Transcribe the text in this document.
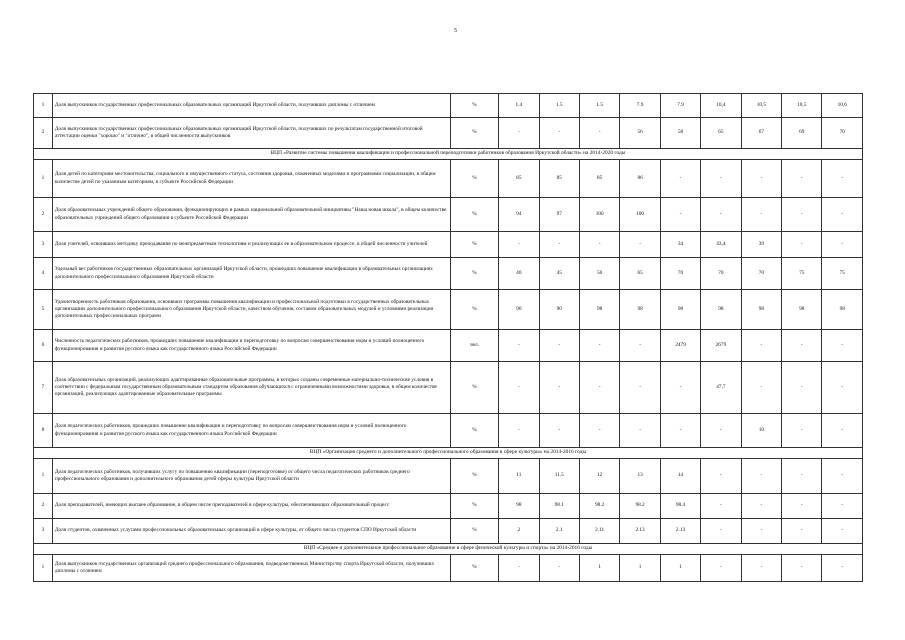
5
1	Доля выпускников государственных профессиональных образовательных организаций Иркутской области, получивших дипломы с отличием	%	1.4	1.5	1.5	7.9	7.9	10,4	10,5	10,5	10,6
2	Доля выпускников государственных профессиональных образовательных организаций Иркутской области, получивших по результатам государственной итоговой аттестации оценки "хорошо" и "отлично", в общей численности выпускников	%	-	-	-	56	58	65	67	69	70
ВЦП «Развитие системы повышения квалификации и профессиональной переподготовки работников образования Иркутской области» на 2014-2020 годы											
1	Доля детей по категориям местожительства, социального и имущественного статуса, состояния здоровья, охваченных моделями и программами социализации, в общем количестве детей по указанным категориям, в субъекте Российской Федерации	%	85	85	85	86	-	-	-	-	-
2	Доля образовательных учреждений общего образования, функционирующих в рамках национальной образовательной инициативы "Наша новая школа", в общем количестве образовательных учреждений общего образования в субъекте Российской Федерации	%	94	97	100	100	-	-	-	-	-
3	Доля учителей, освоивших методику преподавания по межпредметным технологиям и реализующих ее в образовательном процессе, в общей численности учителей	%	-	-	-	-	34	43,4	39	-	-
4	Удельный вес работников государственных образовательных организаций Иркутской области, прошедших повышение квалификации в образовательных организациях дополнительного профессионального образования Иркутской области	%	40	45	50	65	70	70	70	75	75
5	Удовлетворенность работников образования, освоивших программы повышения квалификации и профессиональной подготовки в государственных образовательных организациях дополнительного профессионального образования Иркутской области, качеством обучения, составом образовательных модулей и условиями реализации дополнительных профессиональных программ	%	90	90	98	98	98	98	98	98	98
6	Численность педагогических работников, прошедших повышение квалификации и переподготовку по вопросам совершенствования норм и условий полноценного функционирования и развития русского языка как государственного языка Российской Федерации	чел.	-	-	-	-	2479	2679	-	-	-
7	Доля образовательных организаций, реализующих адаптированные образовательные программы, в которых созданы современные материально-технические условия в соответствии с федеральным государственным образовательным стандартом образования обучающихся с ограниченными возможностями здоровья, в общем количестве организаций, реализующих адаптированные образовательные программы	%	-	-	-	-	-	47,7	-	-	-
8	Доля педагогических работников, прошедших повышение квалификации и переподготовку по вопросам совершенствования норм и условий полноценного функционирования и развития русского языка как государственного языка Российской Федерации	%	-	-	-	-	-	-	10	-	-
ВЦП «Организация среднего и дополнительного профессионального образования в сфере культуры» на 2014-2016 годы											
1	Доля педагогических работников, получивших услугу по повышению квалификации (переподготовке) от общего числа педагогических работников среднего профессионального образования и дополнительного образования детей сферы культуры Иркутской области	%	11	11.5	12	13	14	-	-	-	-
2	Доля преподавателей, имеющих высшее образование, в общем числе преподавателей в сфере культуры, обеспечивающих образовательный процесс	%	98	98.1	98.2	98.2	98.4	-	-	-	-
3	Доля студентов, охваченных услугами профессиональных образовательных организаций в сфере культуры, от общего числа студентов СПО Иркутской области	%	2	2.1	2.11	2.13	2.13	-	-	-	-
ВЦП «Среднее и дополнительное профессиональное образование в сфере физической культуры и спорта» на 2014-2016 годы											
1	Доля выпускников государственных организаций среднего профессионального образования, подведомственных Министерству спорта Иркутской области, получивших дипломы с отличием	%	-	-	1	1	1	-	-	-	-
